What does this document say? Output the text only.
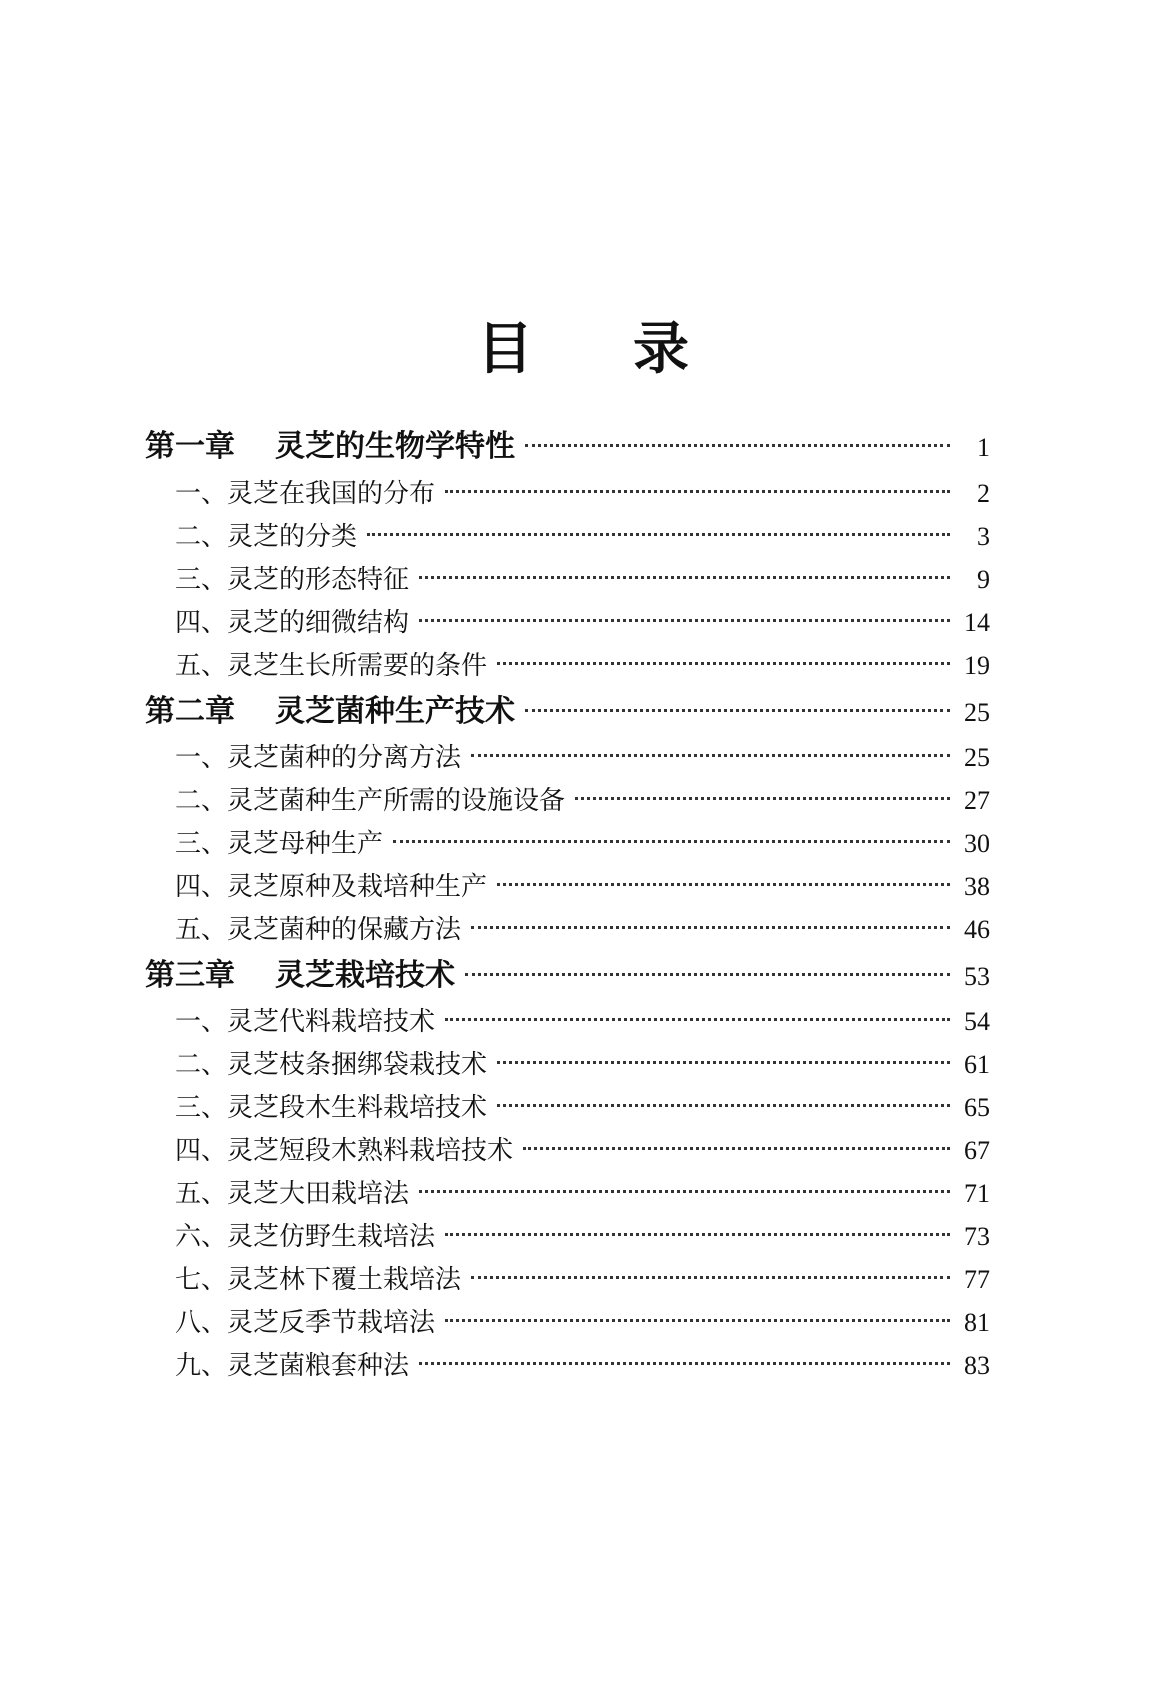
目 录
第一章	灵芝的生物学特性	1
一、灵芝在我国的分布	2
二、灵芝的分类	3
三、灵芝的形态特征	9
四、灵芝的细微结构	14
五、灵芝生长所需要的条件	19
第二章	灵芝菌种生产技术	25
一、灵芝菌种的分离方法	25
二、灵芝菌种生产所需的设施设备	27
三、灵芝母种生产	30
四、灵芝原种及栽培种生产	38
五、灵芝菌种的保藏方法	46
第三章	灵芝栽培技术	53
一、灵芝代料栽培技术	54
二、灵芝枝条捆绑袋栽技术	61
三、灵芝段木生料栽培技术	65
四、灵芝短段木熟料栽培技术	67
五、灵芝大田栽培法	71
六、灵芝仿野生栽培法	73
七、灵芝林下覆土栽培法	77
八、灵芝反季节栽培法	81
九、灵芝菌粮套种法	83
